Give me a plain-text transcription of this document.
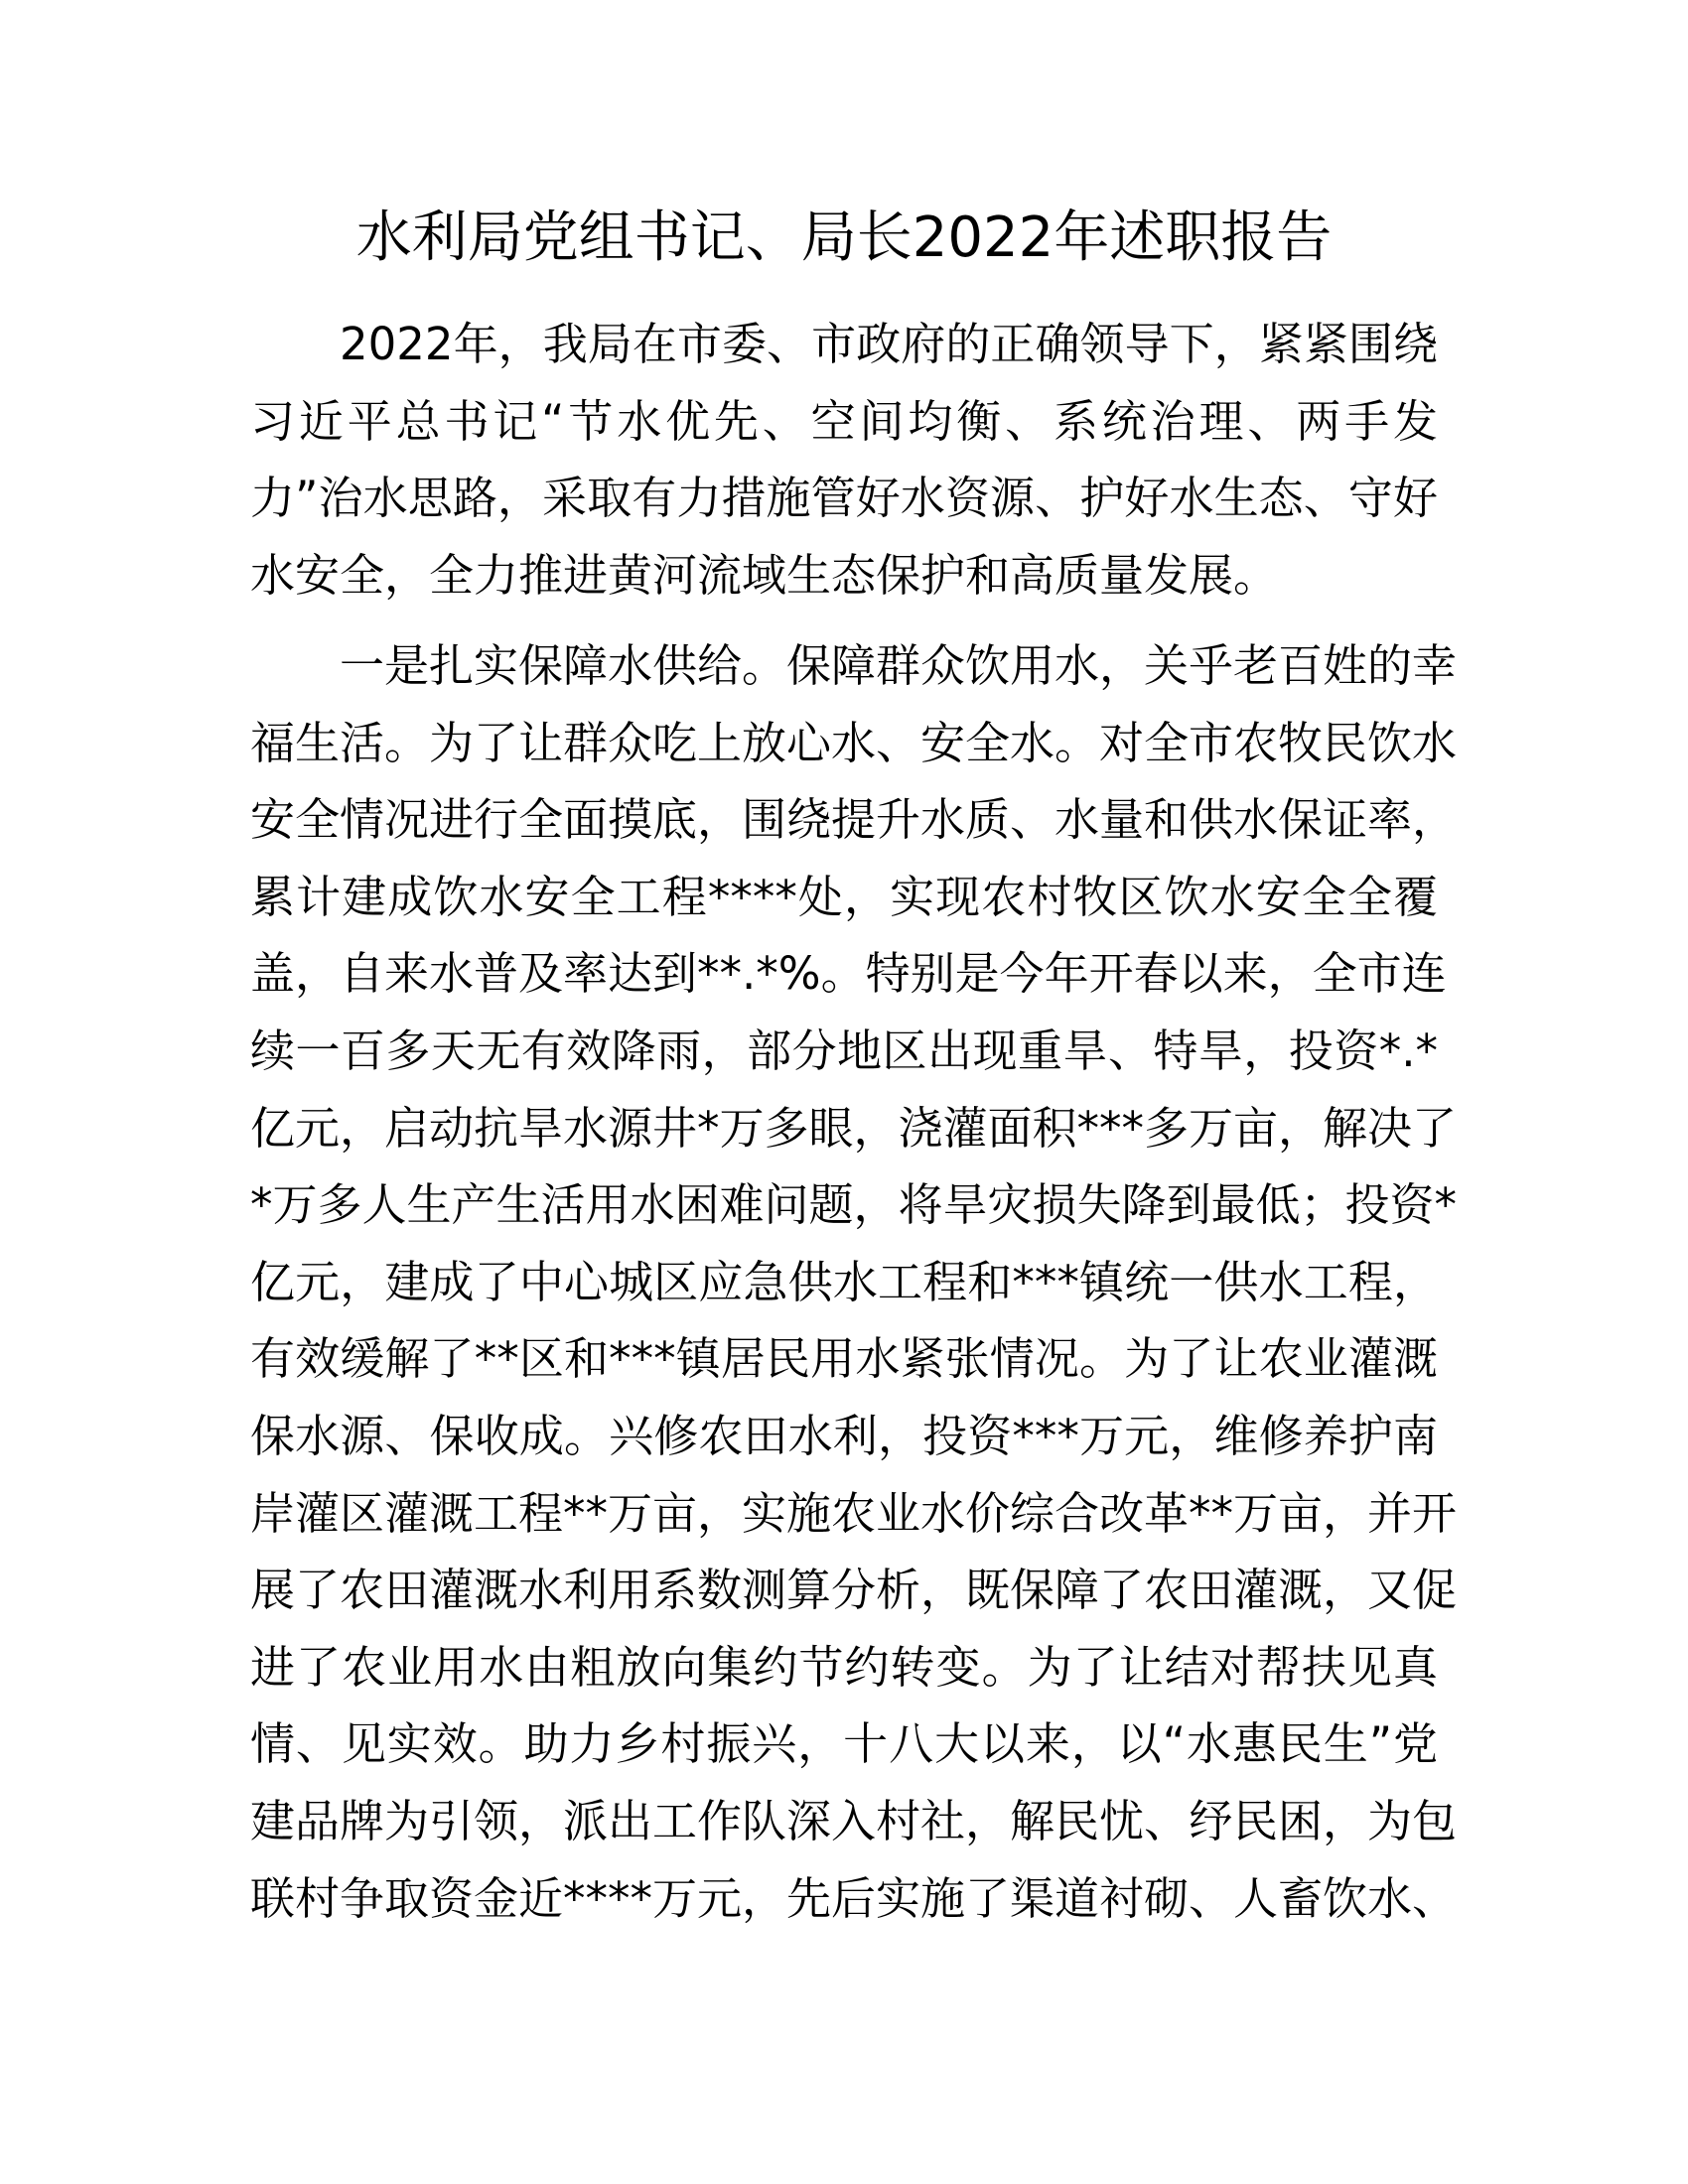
水利局党组书记、局长2022年述职报告
2022年，我局在市委、市政府的正确领导下，紧紧围绕
习近平总书记“节水优先、空间均衡、系统治理、两手发
力”治水思路，采取有力措施管好水资源、护好水生态、守好
水安全，全力推进黄河流域生态保护和高质量发展。
一是扎实保障水供给。保障群众饮用水，关乎老百姓的幸
福生活。为了让群众吃上放心水、安全水。对全市农牧民饮水
安全情况进行全面摸底，围绕提升水质、水量和供水保证率，
累计建成饮水安全工程****处，实现农村牧区饮水安全全覆
盖，自来水普及率达到**.*%。特别是今年开春以来，全市连
续一百多天无有效降雨，部分地区出现重旱、特旱，投资*.*
亿元，启动抗旱水源井*万多眼，浇灌面积***多万亩，解决了
*万多人生产生活用水困难问题，将旱灾损失降到最低；投资*
亿元，建成了中心城区应急供水工程和***镇统一供水工程，
有效缓解了**区和***镇居民用水紧张情况。为了让农业灌溉
保水源、保收成。兴修农田水利，投资***万元，维修养护南
岸灌区灌溉工程**万亩，实施农业水价综合改革**万亩，并开
展了农田灌溉水利用系数测算分析，既保障了农田灌溉，又促
进了农业用水由粗放向集约节约转变。为了让结对帮扶见真
情、见实效。助力乡村振兴，十八大以来，以“水惠民生”党
建品牌为引领，派出工作队深入村社，解民忧、纾民困，为包
联村争取资金近****万元，先后实施了渠道衬砌、人畜饮水、
